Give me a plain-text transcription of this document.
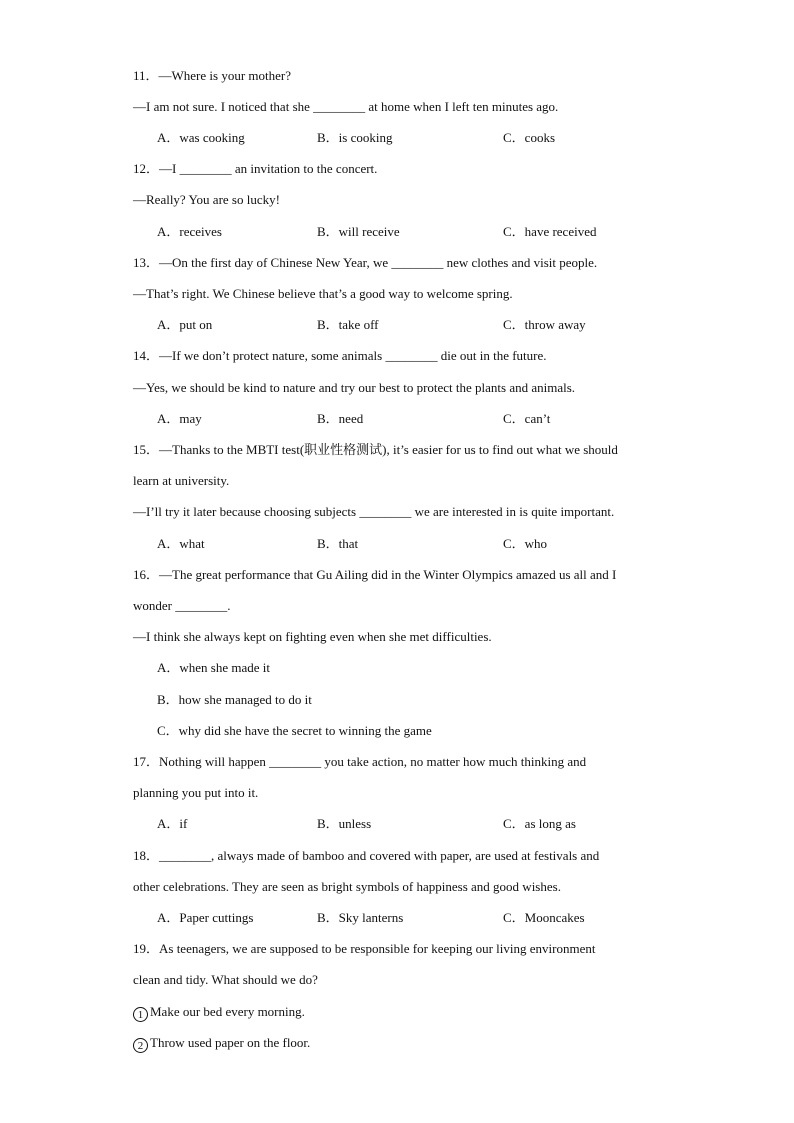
11．—Where is your mother?
—I am not sure. I noticed that she ________ at home when I left ten minutes ago.
A．was cooking	B．is cooking	C．cooks
12．—I ________ an invitation to the concert.
—Really? You are so lucky!
A．receives	B．will receive	C．have received
13．—On the first day of Chinese New Year, we ________ new clothes and visit people.
—That’s right. We Chinese believe that’s a good way to welcome spring.
A．put on	B．take off	C．throw away
14．—If we don’t protect nature, some animals ________ die out in the future.
—Yes, we should be kind to nature and try our best to protect the plants and animals.
A．may	B．need	C．can’t
15．—Thanks to the MBTI test(职业性格测试), it’s easier for us to find out what we should
learn at university.
—I’ll try it later because choosing subjects ________ we are interested in is quite important.
A．what	B．that	C．who
16．—The great performance that Gu Ailing did in the Winter Olympics amazed us all and I
wonder ________.
—I think she always kept on fighting even when she met difficulties.
A．when she made it
B．how she managed to do it
C．why did she have the secret to winning the game
17．Nothing will happen ________ you take action, no matter how much thinking and
planning you put into it.
A．if	B．unless	C．as long as
18．________, always made of bamboo and covered with paper, are used at festivals and
other celebrations. They are seen as bright symbols of happiness and good wishes.
A．Paper cuttings	B．Sky lanterns	C．Mooncakes
19．As teenagers, we are supposed to be responsible for keeping our living environment
clean and tidy. What should we do?
1 Make our bed every morning.
2 Throw used paper on the floor.
